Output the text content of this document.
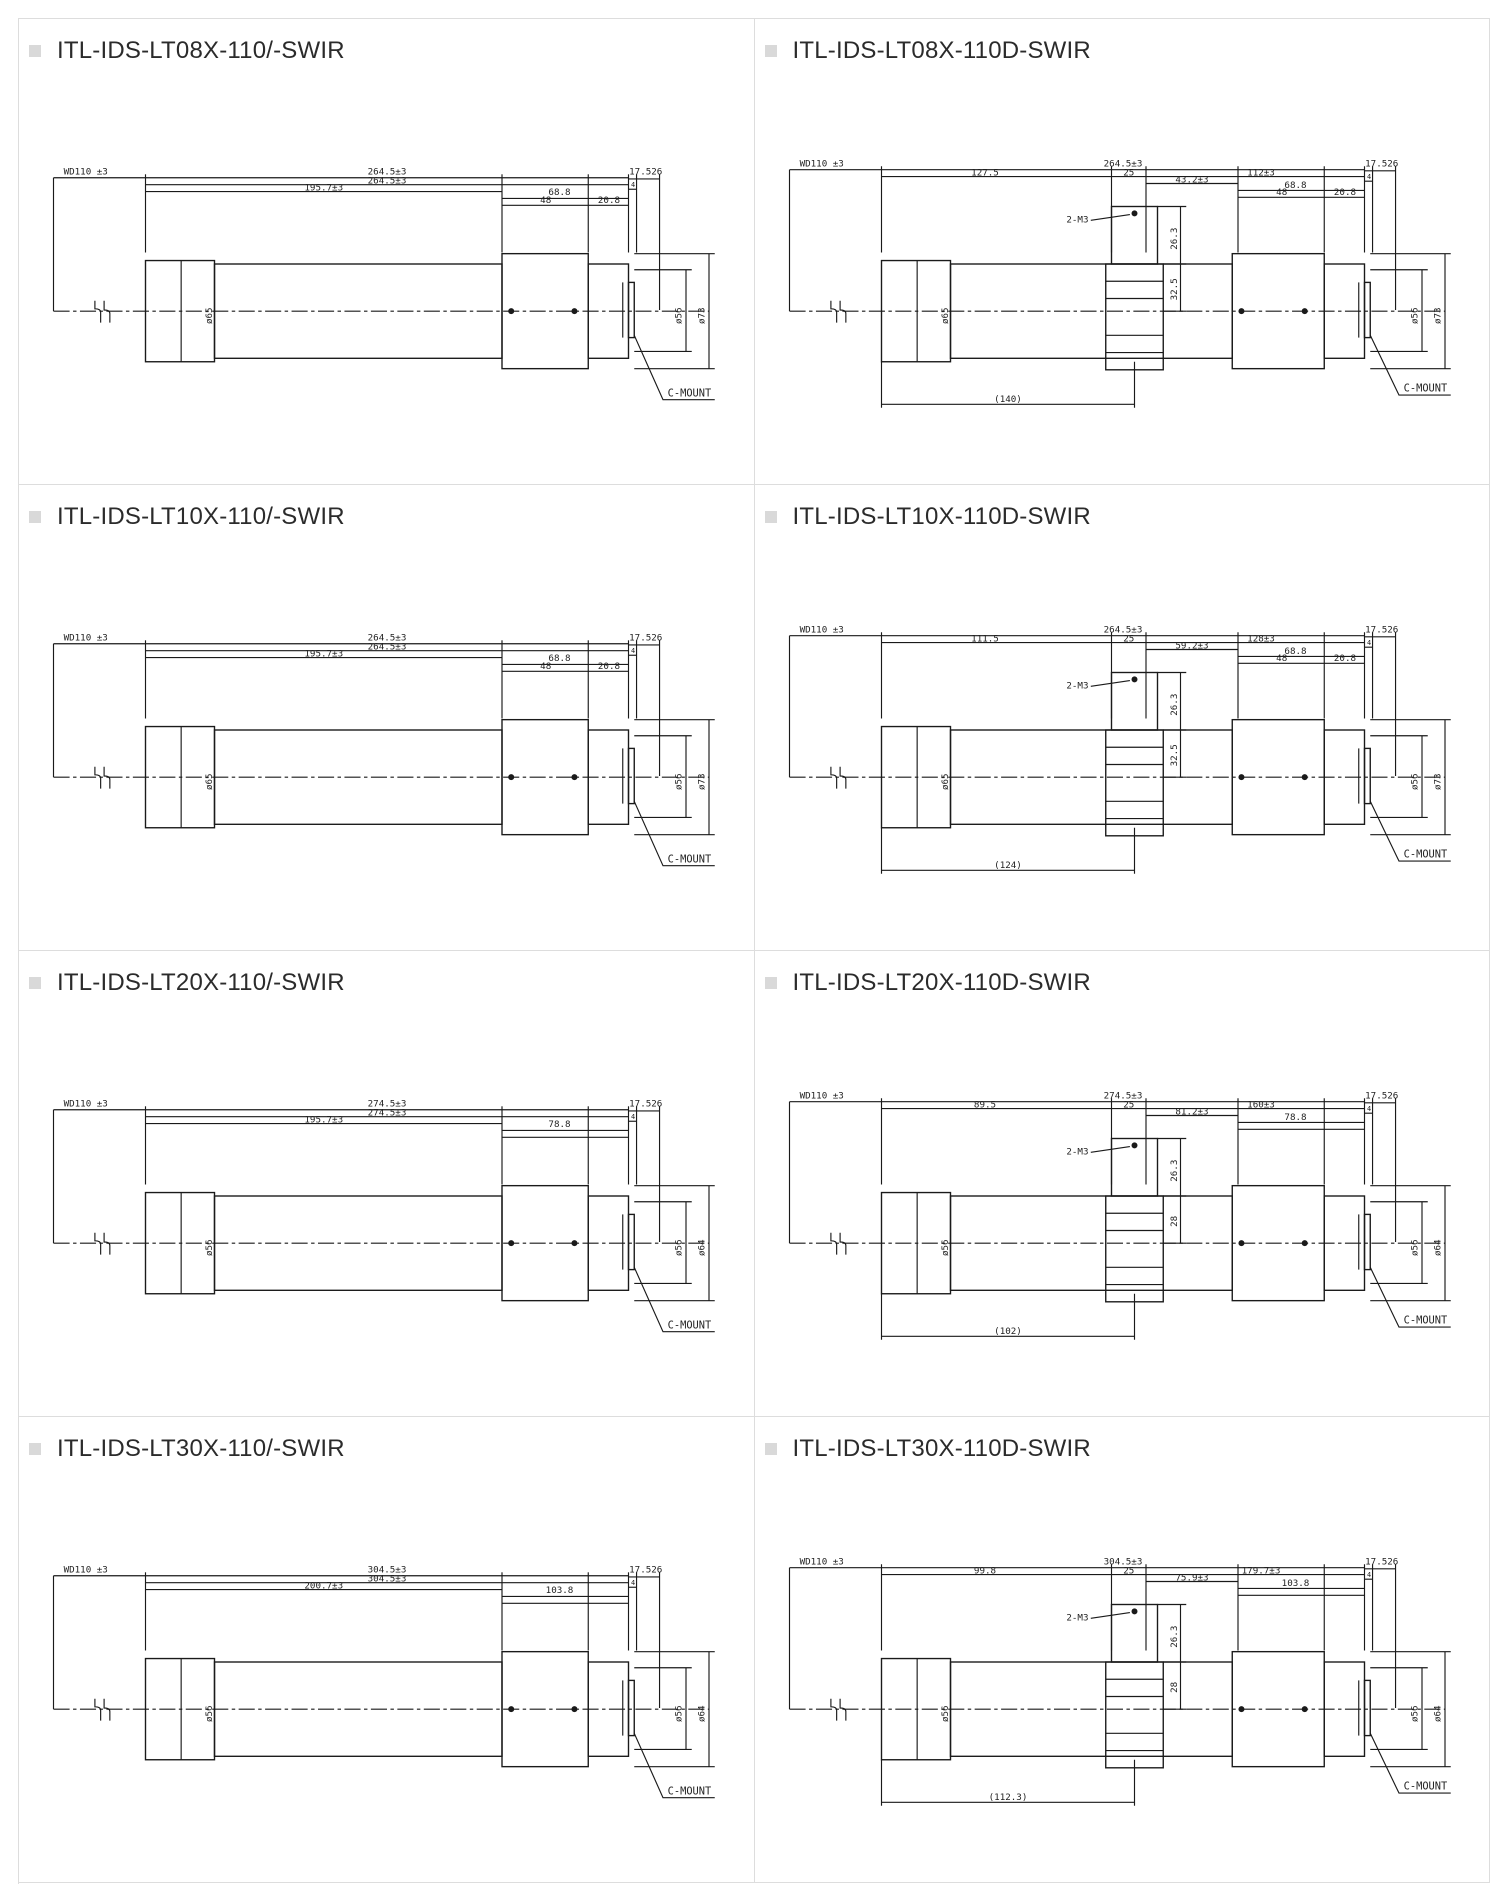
ITL-IDS-LT08X-110/-SWIR
WD110 ±3	264.5±3
264.5±3
195.7±3	68.8
48	20.8
17.526
4
ø56 ø73
ø65
C-MOUNT
ITL-IDS-LT08X-110D-SWIR
WD110 ±3	264.5±3
127.5	25
43.2±3
112±3
68.8
48	20.8
17.526
4
2-M3
26.3
32.5
ø56 ø73
ø65
(140)
C-MOUNT
ITL-IDS-LT10X-110/-SWIR
WD110 ±3	264.5±3
264.5±3
195.7±3	68.8
48	20.8
17.526
4
ø56 ø73
ø65
C-MOUNT
ITL-IDS-LT10X-110D-SWIR
WD110 ±3	264.5±3
111.5	25
59.2±3
128±3
68.8
48	20.8
17.526
4
2-M3
26.3
32.5
ø56 ø73
ø65
(124)
C-MOUNT
ITL-IDS-LT20X-110/-SWIR
WD110 ±3	274.5±3
274.5±3
195.7±3	78.8
17.526
4
ø56 ø64
ø56
C-MOUNT
ITL-IDS-LT20X-110D-SWIR
WD110 ±3	274.5±3
89.5	25
81.2±3
160±3
78.8
17.526
4
2-M3
26.3
28
ø56 ø64
ø56
(102)
C-MOUNT
ITL-IDS-LT30X-110/-SWIR
WD110 ±3	304.5±3
304.5±3
200.7±3	103.8
17.526
4
ø56 ø64
ø56
C-MOUNT
ITL-IDS-LT30X-110D-SWIR
WD110 ±3	304.5±3
99.8	25
75.9±3
179.7±3
103.8
17.526
4
2-M3
26.3
28
ø56 ø64
ø56
(112.3)
C-MOUNT
